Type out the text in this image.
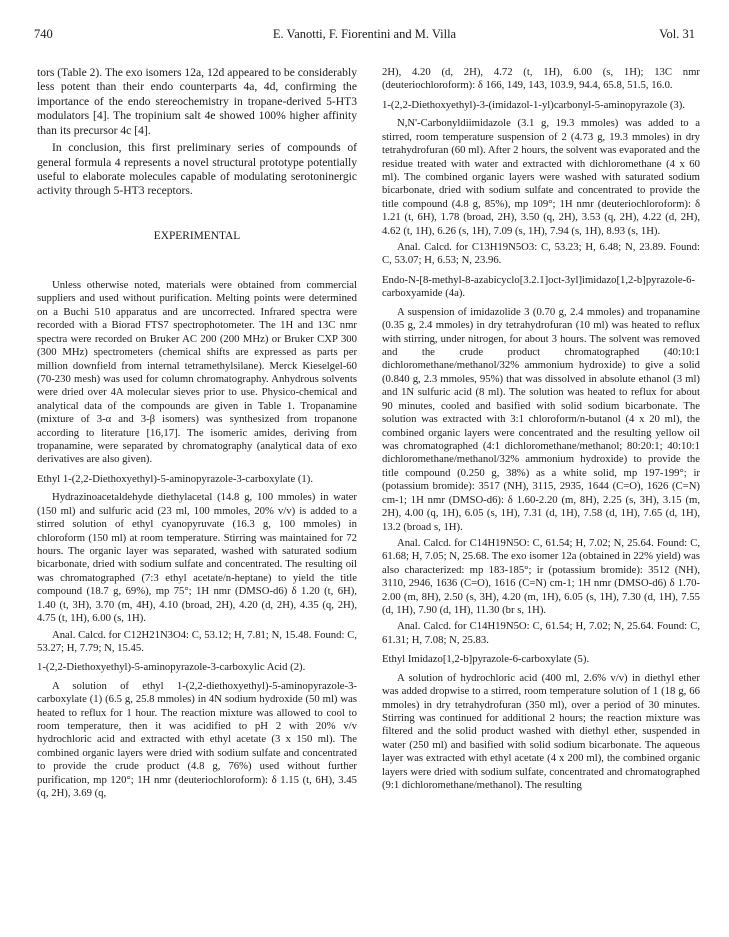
740	E. Vanotti, F. Fiorentini and M. Villa	Vol. 31

tors (Table 2). The exo isomers 12a, 12d appeared to be considerably less potent than their endo counterparts 4a, 4d, confirming the importance of the endo stereochemistry in tropane-derived 5-HT3 modulators [4]. The tropinium salt 4e showed 100% higher affinity than its precursor 4c [4].

In conclusion, this first preliminary series of compounds of general formula 4 represents a novel structural prototype potentially useful to elaborate molecules capable of modulating serotoninergic activity through 5-HT3 receptors.

EXPERIMENTAL

Unless otherwise noted, materials were obtained from commercial suppliers and used without purification. Melting points were determined on a Buchi 510 apparatus and are uncorrected. Infrared spectra were recorded with a Biorad FTS7 spectrophotometer. The 1H and 13C nmr spectra were recorded on Bruker AC 200 (200 MHz) or Bruker CXP 300 (300 MHz) spectrometers (chemical shifts are expressed as parts per million downfield from internal tetramethylsilane). Merck Kieselgel-60 (70-230 mesh) was used for column chromatography. Anhydrous solvents were dried over 4A molecular sieves prior to use. Physico-chemical and analytical data of the compounds are given in Table 1. Tropanamine (mixture of 3-α and 3-β isomers) was synthesized from tropanone according to literature [16,17]. The isomeric amides, deriving from tropanamine, were separated by chromatography (analytical data of exo derivatives are also given).

Ethyl 1-(2,2-Diethoxyethyl)-5-aminopyrazole-3-carboxylate (1).

Hydrazinoacetaldehyde diethylacetal (14.8 g, 100 mmoles) in water (150 ml) and sulfuric acid (23 ml, 100 mmoles, 20% v/v) is added to a stirred solution of ethyl cyanopyruvate (16.3 g, 100 mmoles) in chloroform (150 ml) at room temperature. Stirring was maintained for 72 hours. The organic layer was separated, washed with saturated sodium bicarbonate, dried with sodium sulfate and concentrated. The resulting oil was chromatographed (7:3 ethyl acetate/n-heptane) to yield the title compound (18.7 g, 69%), mp 75°; 1H nmr (DMSO-d6) δ 1.20 (t, 6H), 1.40 (t, 3H), 3.70 (m, 4H), 4.10 (broad, 2H), 4.20 (d, 2H), 4.35 (q, 2H), 4.75 (t, 1H), 6.00 (s, 1H).

Anal. Calcd. for C12H21N3O4: C, 53.12; H, 7.81; N, 15.48. Found: C, 53.27; H, 7.79; N, 15.45.

1-(2,2-Diethoxyethyl)-5-aminopyrazole-3-carboxylic Acid (2).

A solution of ethyl 1-(2,2-diethoxyethyl)-5-aminopyrazole-3-carboxylate (1) (6.5 g, 25.8 mmoles) in 4N sodium hydroxide (50 ml) was heated to reflux for 1 hour. The reaction mixture was allowed to cool to room temperature, then it was acidified to pH 2 with 20% v/v hydrochloric acid and extracted with ethyl acetate (3 x 150 ml). The combined organic layers were dried with sodium sulfate and concentrated to provide the crude product (4.8 g, 76%) used without further purification, mp 120°; 1H nmr (deuteriochloroform): δ 1.15 (t, 6H), 3.45 (q, 2H), 3.69 (q,

2H), 4.20 (d, 2H), 4.72 (t, 1H), 6.00 (s, 1H); 13C nmr (deuteriochloroform): δ 166, 149, 143, 103.9, 94.4, 65.8, 51.5, 16.0.

1-(2,2-Diethoxyethyl)-3-(imidazol-1-yl)carbonyl-5-aminopyrazole (3).

N,N'-Carbonyldiimidazole (3.1 g, 19.3 mmoles) was added to a stirred, room temperature suspension of 2 (4.73 g, 19.3 mmoles) in dry tetrahydrofuran (60 ml). After 2 hours, the solvent was evaporated and the residue treated with water and extracted with dichloromethane (4 x 60 ml). The combined organic layers were washed with saturated sodium bicarbonate, dried with sodium sulfate and concentrated to provide the title compound (4.8 g, 85%), mp 109°; 1H nmr (deuteriochloroform): δ 1.21 (t, 6H), 1.78 (broad, 2H), 3.50 (q, 2H), 3.53 (q, 2H), 4.22 (d, 2H), 4.62 (t, 1H), 6.26 (s, 1H), 7.09 (s, 1H), 7.94 (s, 1H), 8.93 (s, 1H).

Anal. Calcd. for C13H19N5O3: C, 53.23; H, 6.48; N, 23.89. Found: C, 53.07; H, 6.53; N, 23.96.

Endo-N-[8-methyl-8-azabicyclo[3.2.1]oct-3yl]imidazo[1,2-b]pyrazole-6-carboxyamide (4a).

A suspension of imidazolide 3 (0.70 g, 2.4 mmoles) and tropanamine (0.35 g, 2.4 mmoles) in dry tetrahydrofuran (10 ml) was heated to reflux with stirring, under nitrogen, for about 3 hours. The solvent was removed and the crude product chromatographed (40:10:1 dichloromethane/methanol/32% ammonium hydroxide) to give a solid (0.840 g, 2.3 mmoles, 95%) that was dissolved in absolute ethanol (3 ml) and 1N sulfuric acid (8 ml). The solution was heated to reflux for about 90 minutes, cooled and basified with solid sodium bicarbonate. The solution was extracted with 3:1 chloroform/n-butanol (4 x 20 ml), the combined organic layers were concentrated and the resulting yellow oil was chromatographed (4:1 dichloromethane/methanol; 80:20:1; 40:10:1 dichloromethane/methanol/32% ammonium hydroxide) to provide the title compound (0.250 g, 38%) as a white solid, mp 197-199°; ir (potassium bromide): 3517 (NH), 3115, 2935, 1644 (C=O), 1626 (C=N) cm-1; 1H nmr (DMSO-d6): δ 1.60-2.20 (m, 8H), 2.25 (s, 3H), 3.15 (m, 2H), 4.00 (q, 1H), 6.05 (s, 1H), 7.31 (d, 1H), 7.58 (d, 1H), 7.65 (d, 1H), 13.2 (broad s, 1H).

Anal. Calcd. for C14H19N5O: C, 61.54; H, 7.02; N, 25.64. Found: C, 61.68; H, 7.05; N, 25.68. The exo isomer 12a (obtained in 22% yield) was also characterized: mp 183-185°; ir (potassium bromide): 3512 (NH), 3110, 2946, 1636 (C=O), 1616 (C=N) cm-1; 1H nmr (DMSO-d6) δ 1.70-2.00 (m, 8H), 2.50 (s, 3H), 4.20 (m, 1H), 6.05 (s, 1H), 7.30 (d, 1H), 7.55 (d, 1H), 7.90 (d, 1H), 11.30 (br s, 1H).

Anal. Calcd. for C14H19N5O: C, 61.54; H, 7.02; N, 25.64. Found: C, 61.31; H, 7.08; N, 25.83.

Ethyl Imidazo[1,2-b]pyrazole-6-carboxylate (5).

A solution of hydrochloric acid (400 ml, 2.6% v/v) in diethyl ether was added dropwise to a stirred, room temperature solution of 1 (18 g, 66 mmoles) in dry tetrahydrofuran (350 ml), over a period of 30 minutes. Stirring was continued for additional 2 hours; the reaction mixture was filtered and the solid product washed with diethyl ether, suspended in water (250 ml) and basified with solid sodium bicarbonate. The aqueous layer was extracted with ethyl acetate (4 x 200 ml), the combined organic layers were dried with sodium sulfate, concentrated and chromatographed (9:1 dichloromethane/methanol). The resulting
